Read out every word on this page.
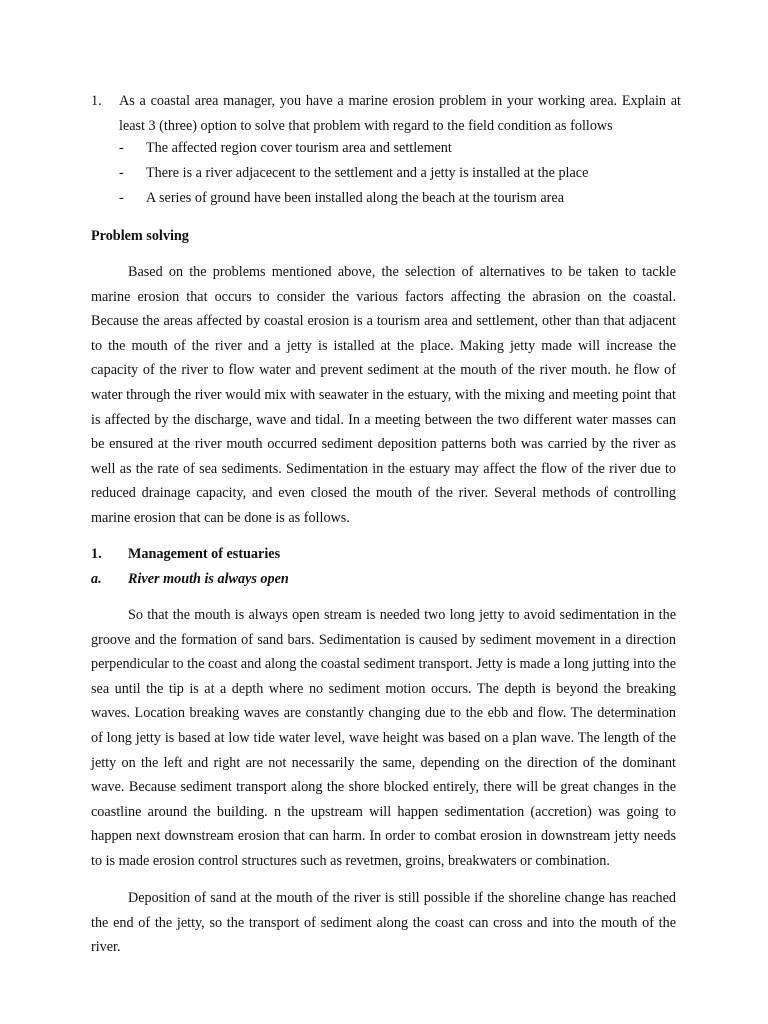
1. As a coastal area manager, you have a marine erosion problem in your working area. Explain at least 3 (three) option to solve that problem with regard to the field condition as follows
- The affected region cover tourism area and settlement
- There is a river adjacecent to the settlement and a jetty is installed at the place
- A series of ground have been installed along the beach at the tourism area
Problem solving

Based on the problems mentioned above, the selection of alternatives to be taken to tackle marine erosion that occurs to consider the various factors affecting the abrasion on the coastal. Because the areas affected by coastal erosion is a tourism area and settlement, other than that adjacent to the mouth of the river and a jetty is istalled at the place. Making jetty made will increase the capacity of the river to flow water and prevent sediment at the mouth of the river mouth. he flow of water through the river would mix with seawater in the estuary, with the mixing and meeting point that is affected by the discharge, wave and tidal. In a meeting between the two different water masses can be ensured at the river mouth occurred sediment deposition patterns both was carried by the river as well as the rate of sea sediments. Sedimentation in the estuary may affect the flow of the river due to reduced drainage capacity, and even closed the mouth of the river. Several methods of controlling marine erosion that can be done is as follows.

1. Management of estuaries
a. River mouth is always open

So that the mouth is always open stream is needed two long jetty to avoid sedimentation in the groove and the formation of sand bars. Sedimentation is caused by sediment movement in a direction perpendicular to the coast and along the coastal sediment transport. Jetty is made a long jutting into the sea until the tip is at a depth where no sediment motion occurs. The depth is beyond the breaking waves. Location breaking waves are constantly changing due to the ebb and flow. The determination of long jetty is based at low tide water level, wave height was based on a plan wave. The length of the jetty on the left and right are not necessarily the same, depending on the direction of the dominant wave. Because sediment transport along the shore blocked entirely, there will be great changes in the coastline around the building. n the upstream will happen sedimentation (accretion) was going to happen next downstream erosion that can harm. In order to combat erosion in downstream jetty needs to is made erosion control structures such as revetmen, groins, breakwaters or combination.

Deposition of sand at the mouth of the river is still possible if the shoreline change has reached the end of the jetty, so the transport of sediment along the coast can cross and into the mouth of the river.
